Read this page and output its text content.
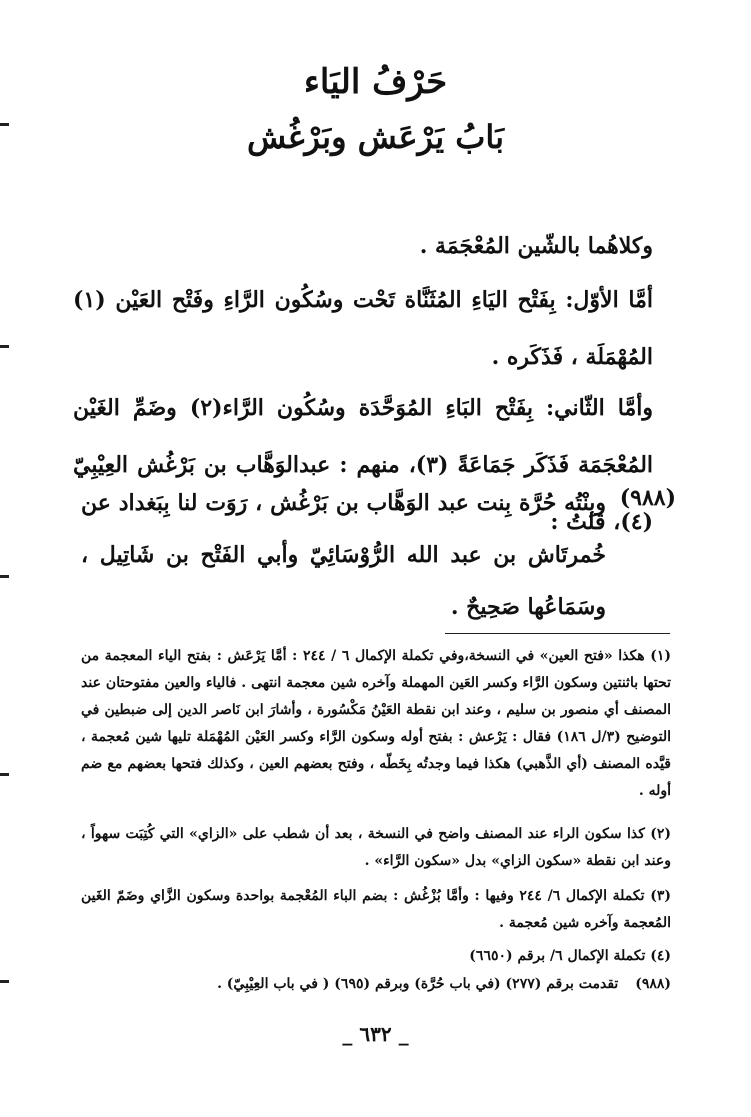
حَرْفُ اليَاء
بَابُ يَرْعَش وبَرْغُش
وكلاهُما بالشّين المُعْجَمَة .
أمَّا الأوّل: بِفَتْح اليَاءِ المُثَنَّاة تَحْت وسُكُون الرَّاءِ وفَتْح العَيْن (١) المُهْمَلَة ، فَذَكَره .
وأمَّا الثّاني: بِفَتْح البَاءِ المُوَحَّدَة وسُكُون الرَّاء(٢) وضَمِّ الغَيْن المُعْجَمَة فَذَكَر جَمَاعَةً (٣)، منهم : عبدالوَهَّاب بن بَرْغُش العِيْبِيّ (٤)، قلتُ :
(٩٨٨)
وبِنْتُه حُرَّة بِنت عبد الوَهَّاب بن بَرْغُش ، رَوَت لنا بِبَغداد عن خُمرتَاش بن عبد الله الرُّوْسَائِيّ وأبي الفَتْح بن شَاتِيل ، وسَمَاعُها صَحِيحٌ .
(١) هكذا «فتح العين» في النسخة،وفي تكملة الإكمال ٦ / ٢٤٤ : أمَّا يَرْعَش : بفتح الياء المعجمة من تحتها باثنتين وسكون الرَّاء وكسر العَين المهملة وآخره شين معجمة انتهى . فالياء والعين مفتوحتان عند المصنف أي منصور بن سليم ، وعند ابن نقطة العَيْنُ مَكْسُورة ، وأشارَ ابن نَاصر الدين إلى ضبطين في التوضيح (٣/ل ١٨٦) فقال : يَرْعش : بفتح أوله وسكون الرَّاء وكسر العَيْن المُهْمَلة تليها شين مُعجمة ، قيَّده المصنف (أي الذَّهبي) هكذا فيما وجدتُه بِخَطّه ، وفتح بعضهم العين ، وكذلك فتحها بعضهم مع ضم أوله .
(٢) كذا سكون الراء عند المصنف واضح في النسخة ، بعد أن شطب على «الزاي» التي كُتِبَت سهواً ، وعند ابن نقطة «سكون الزاي» بدل «سكون الرَّاء» .
(٣) تكملة الإكمال ٦/ ٢٤٤ وفيها : وأمَّا بُزْغُش : بضم الباء المُعْجمة بواحدة وسكون الزَّاي وضَمّ الغَين المُعجمة وآخره شين مُعجمة .
(٤) تكملة الإكمال ٦/ برقم (٦٦٥٠)
(٩٨٨) تقدمت برقم (٢٧٧) (في باب حُرَّة) وبرقم (٦٩٥) ( في باب العِيْبِيّ) .
_ ٦٣٢ _
